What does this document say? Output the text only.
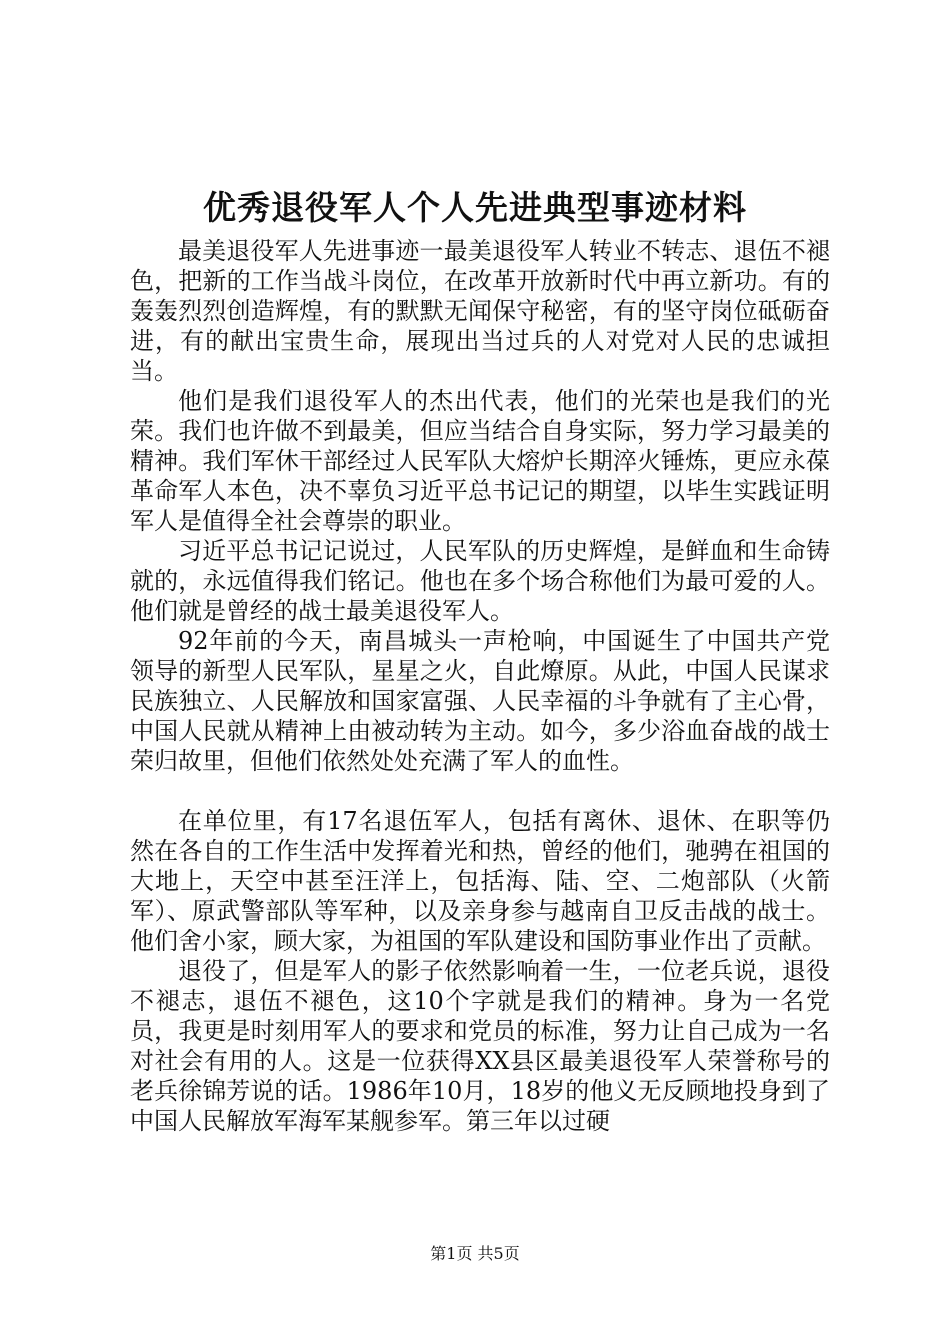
优秀退役军人个人先进典型事迹材料

最美退役军人先进事迹一最美退役军人转业不转志、退伍不褪色，把新的工作当战斗岗位，在改革开放新时代中再立新功。有的轰轰烈烈创造辉煌，有的默默无闻保守秘密，有的坚守岗位砥砺奋进，有的献出宝贵生命，展现出当过兵的人对党对人民的忠诚担当。

他们是我们退役军人的杰出代表，他们的光荣也是我们的光荣。我们也许做不到最美，但应当结合自身实际，努力学习最美的精神。我们军休干部经过人民军队大熔炉长期淬火锤炼，更应永葆革命军人本色，决不辜负习近平总书记记的期望，以毕生实践证明军人是值得全社会尊崇的职业。

习近平总书记记说过，人民军队的历史辉煌，是鲜血和生命铸就的，永远值得我们铭记。他也在多个场合称他们为最可爱的人。他们就是曾经的战士最美退役军人。

92年前的今天，南昌城头一声枪响，中国诞生了中国共产党领导的新型人民军队，星星之火，自此燎原。从此，中国人民谋求民族独立、人民解放和国家富强、人民幸福的斗争就有了主心骨，中国人民就从精神上由被动转为主动。如今，多少浴血奋战的战士荣归故里，但他们依然处处充满了军人的血性。

在单位里，有17名退伍军人，包括有离休、退休、在职等仍然在各自的工作生活中发挥着光和热，曾经的他们，驰骋在祖国的大地上，天空中甚至汪洋上，包括海、陆、空、二炮部队（火箭军）、原武警部队等军种，以及亲身参与越南自卫反击战的战士。他们舍小家，顾大家，为祖国的军队建设和国防事业作出了贡献。

退役了，但是军人的影子依然影响着一生，一位老兵说，退役不褪志，退伍不褪色，这10个字就是我们的精神。身为一名党员，我更是时刻用军人的要求和党员的标准，努力让自己成为一名对社会有用的人。这是一位获得XX县区最美退役军人荣誉称号的老兵徐锦芳说的话。1986年10月，18岁的他义无反顾地投身到了中国人民解放军海军某舰参军。第三年以过硬

第1页 共5页
